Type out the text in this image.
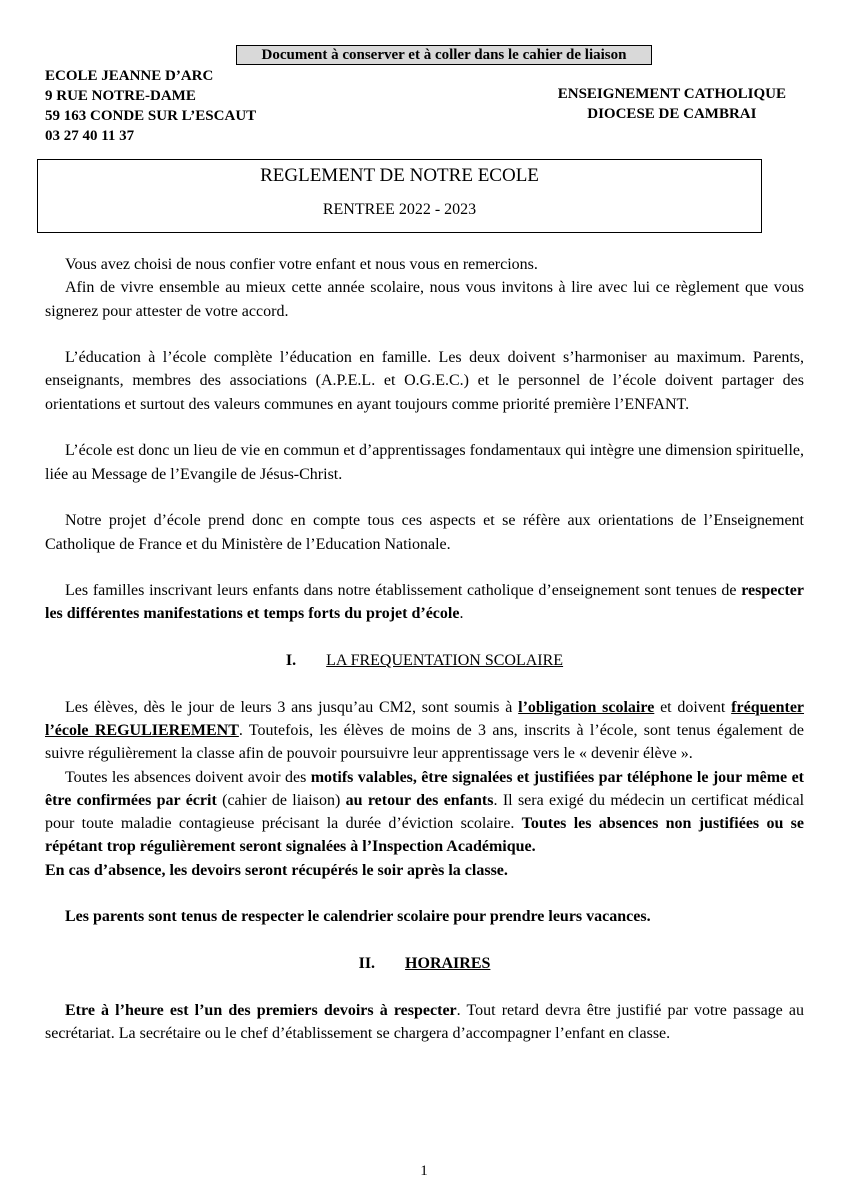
Document à conserver et à coller dans le cahier de liaison
ECOLE JEANNE D’ARC
9 RUE NOTRE-DAME
59 163 CONDE SUR L’ESCAUT
03 27 40 11 37
ENSEIGNEMENT CATHOLIQUE
DIOCESE DE CAMBRAI
REGLEMENT DE NOTRE ECOLE
RENTREE 2022 - 2023

Vous avez choisi de nous confier votre enfant et nous vous en remercions.

Afin de vivre ensemble au mieux cette année scolaire, nous vous invitons à lire avec lui ce règlement que vous signerez pour attester de votre accord.

L’éducation à l’école complète l’éducation en famille. Les deux doivent s’harmoniser au maximum. Parents, enseignants, membres des associations (A.P.E.L. et O.G.E.C.) et le personnel de l’école doivent partager des orientations et surtout des valeurs communes en ayant toujours comme priorité première l’ENFANT.

L’école est donc un lieu de vie en commun et d’apprentissages fondamentaux qui intègre une dimension spirituelle, liée au Message de l’Evangile de Jésus-Christ.

Notre projet d’école prend donc en compte tous ces aspects et se réfère aux orientations de l’Enseignement Catholique de France et du Ministère de l’Education Nationale.

Les familles inscrivant leurs enfants dans notre établissement catholique d’enseignement sont tenues de respecter les différentes manifestations et temps forts du projet d’école.

I. LA FREQUENTATION SCOLAIRE

Les élèves, dès le jour de leurs 3 ans jusqu’au CM2, sont soumis à l’obligation scolaire et doivent fréquenter l’école REGULIEREMENT. Toutefois, les élèves de moins de 3 ans, inscrits à l’école, sont tenus également de suivre régulièrement la classe afin de pouvoir poursuivre leur apprentissage vers le « devenir élève ».

Toutes les absences doivent avoir des motifs valables, être signalées et justifiées par téléphone le jour même et être confirmées par écrit (cahier de liaison) au retour des enfants. Il sera exigé du médecin un certificat médical pour toute maladie contagieuse précisant la durée d’éviction scolaire. Toutes les absences non justifiées ou se répétant trop régulièrement seront signalées à l’Inspection Académique.

En cas d’absence, les devoirs seront récupérés le soir après la classe.

Les parents sont tenus de respecter le calendrier scolaire pour prendre leurs vacances.

II. HORAIRES

Etre à l’heure est l’un des premiers devoirs à respecter. Tout retard devra être justifié par votre passage au secrétariat. La secrétaire ou le chef d’établissement se chargera d’accompagner l’enfant en classe.

1
